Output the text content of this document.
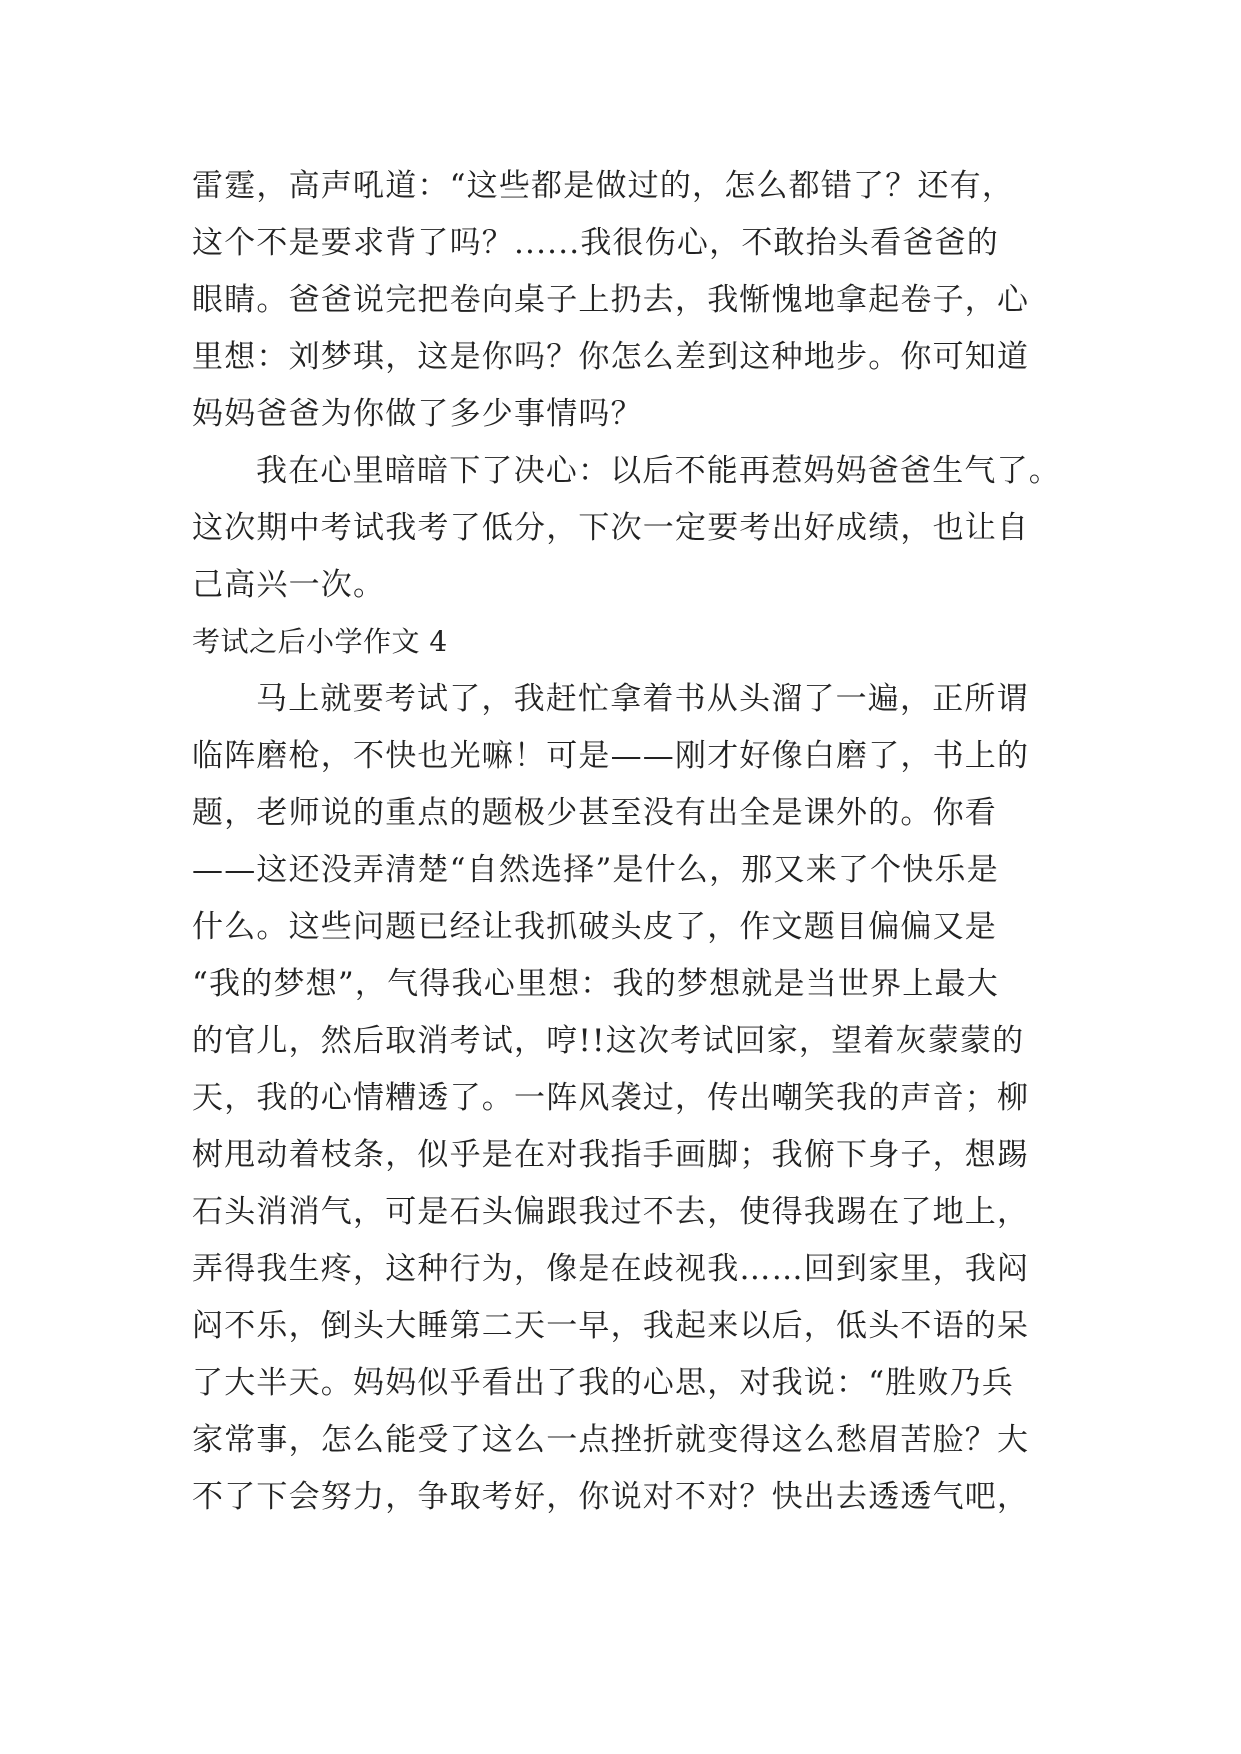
雷霆，高声吼道：“这些都是做过的，怎么都错了？还有，
这个不是要求背了吗？......我很伤心，不敢抬头看爸爸的
眼睛。爸爸说完把卷向桌子上扔去，我惭愧地拿起卷子，心
里想：刘梦琪，这是你吗？你怎么差到这种地步。你可知道
妈妈爸爸为你做了多少事情吗？
我在心里暗暗下了决心：以后不能再惹妈妈爸爸生气了。
这次期中考试我考了低分，下次一定要考出好成绩，也让自
己高兴一次。
考试之后小学作文 4
马上就要考试了，我赶忙拿着书从头溜了一遍，正所谓
临阵磨枪，不快也光嘛！可是——刚才好像白磨了，书上的
题，老师说的重点的题极少甚至没有出全是课外的。你看
——这还没弄清楚“自然选择”是什么，那又来了个快乐是
什么。这些问题已经让我抓破头皮了，作文题目偏偏又是
“我的梦想”，气得我心里想：我的梦想就是当世界上最大
的官儿，然后取消考试，哼!!这次考试回家，望着灰蒙蒙的
天，我的心情糟透了。一阵风袭过，传出嘲笑我的声音；柳
树甩动着枝条，似乎是在对我指手画脚；我俯下身子，想踢
石头消消气，可是石头偏跟我过不去，使得我踢在了地上，
弄得我生疼，这种行为，像是在歧视我……回到家里，我闷
闷不乐，倒头大睡第二天一早，我起来以后，低头不语的呆
了大半天。妈妈似乎看出了我的心思，对我说：“胜败乃兵
家常事，怎么能受了这么一点挫折就变得这么愁眉苦脸？大
不了下会努力，争取考好，你说对不对？快出去透透气吧，
